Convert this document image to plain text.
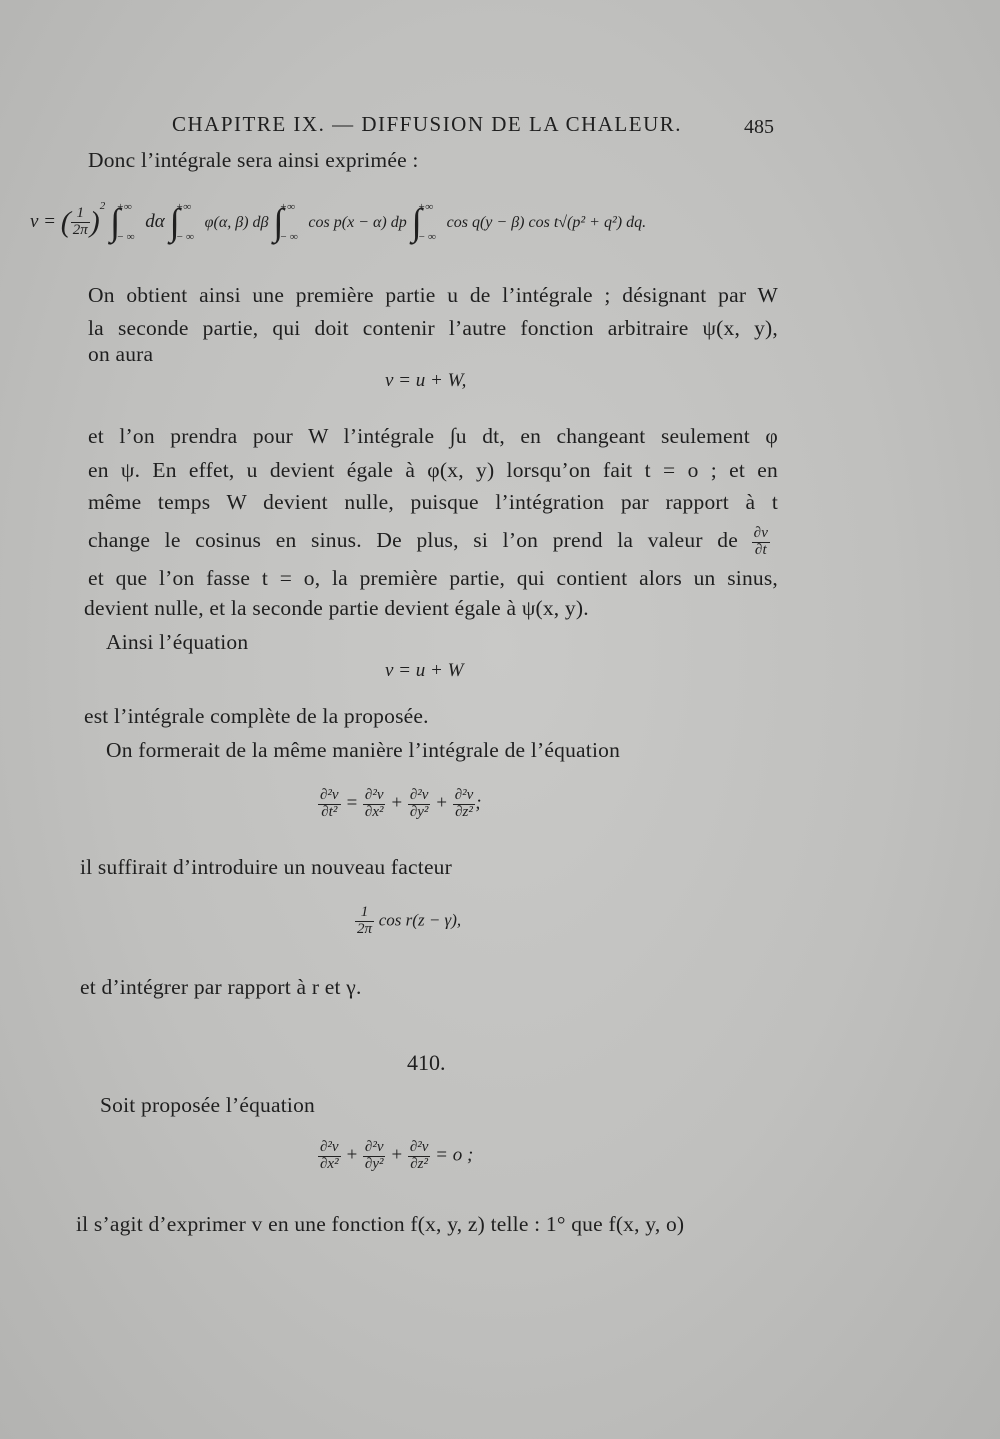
CHAPITRE IX. — DIFFUSION DE LA CHALEUR.	485
Donc l’intégrale sera ainsi exprimée :
v = ( $\frac{1}{2\pi} )^2$ ∫
+∞
− ∞
dα ∫
+∞
− ∞
φ(α, β) dβ ∫
+∞
− ∞
cos p(x − α) dp ∫
+∞
− ∞
cos q(y − β) cos t√(p² + q²) dq.
On obtient ainsi une première partie u de l’intégrale ; désignant par W
la seconde partie, qui doit contenir l’autre fonction arbitraire ψ(x, y),
on aura
v = u + W,
et l’on prendra pour W l’intégrale ∫u dt, en changeant seulement φ
en ψ. En effet, u devient égale à φ(x, y) lorsqu’on fait t = o ; et en
même temps W devient nulle, puisque l’intégration par rapport à t
change le cosinus en sinus. De plus, si l’on prend la valeur de $\frac{\partial v}{\partial t}$
et que l’on fasse t = o, la première partie, qui contient alors un sinus,
devient nulle, et la seconde partie devient égale à ψ(x, y).
Ainsi l’équation
v = u + W
est l’intégrale complète de la proposée.
On formerait de la même manière l’intégrale de l’équation
$\frac{\text{∂²v}}{\text{∂t²}} = \frac{\text{∂²v}}{\text{∂x²}} + \frac{\text{∂²v}}{\text{∂y²}} + \frac{\text{∂²v}}{\text{∂z²}}$ ;
il suffirait d’introduire un nouveau facteur
$\frac{1}{2\pi}$ cos r(z − γ),
et d’intégrer par rapport à r et γ.
410.
Soit proposée l’équation
$\frac{\text{∂²v}}{\text{∂x²}} + \frac{\text{∂²v}}{\text{∂y²}} + \frac{\text{∂²v}}{\text{∂z²}} = o$ ;
il s’agit d’exprimer v en une fonction f(x, y, z) telle : 1° que f(x, y, o)
